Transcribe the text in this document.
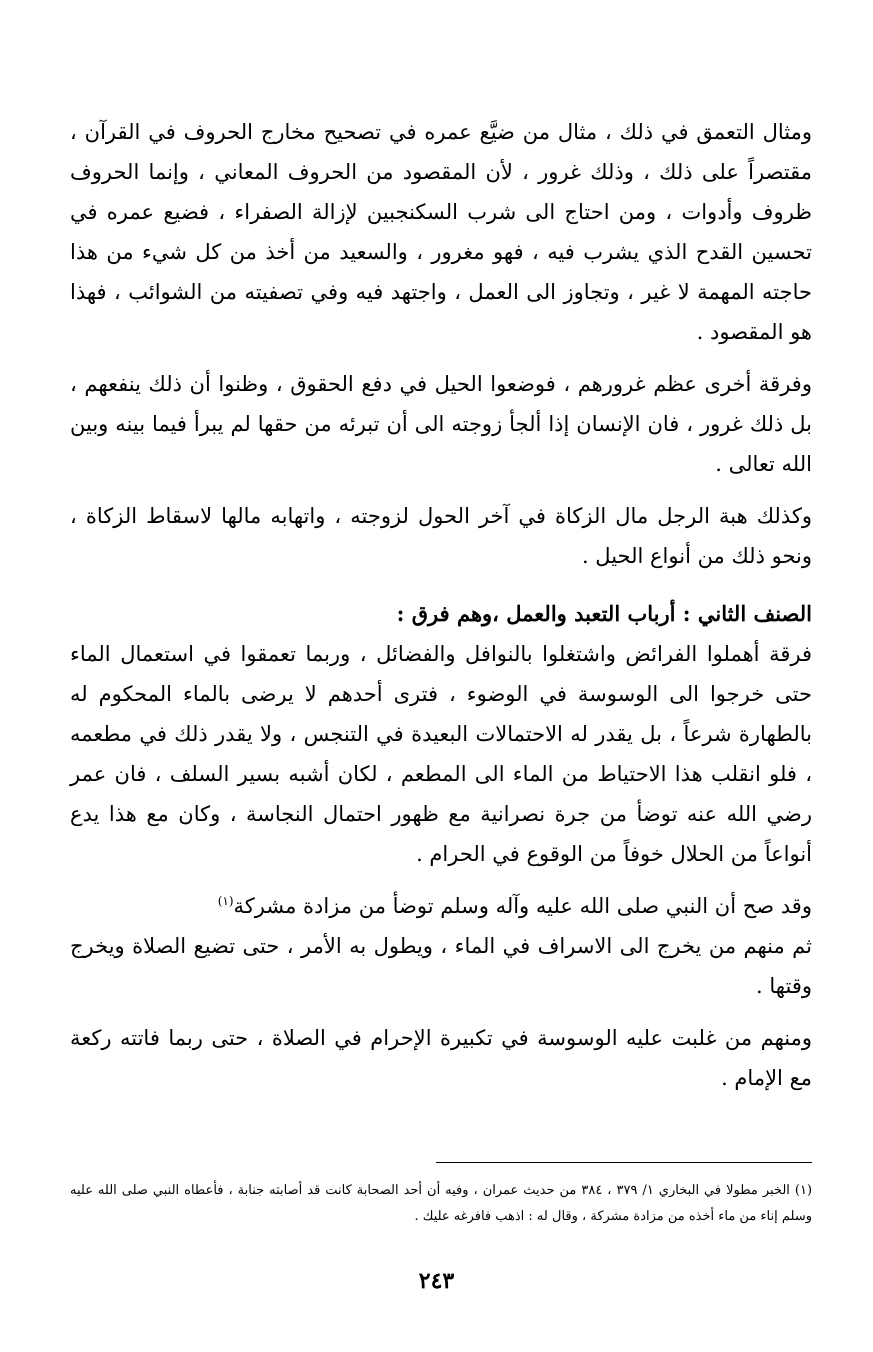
ومثال التعمق في ذلك ، مثال من ضيَّع عمره في تصحيح مخارج الحروف في القرآن ، مقتصراً على ذلك ، وذلك غرور ، لأن المقصود من الحروف المعاني ، وإنما الحروف ظروف وأدوات ، ومن احتاج الى شرب السكنجبين لإزالة الصفراء ، فضيع عمره في تحسين القدح الذي يشرب فيه ، فهو مغرور ، والسعيد من أخذ من كل شيء من هذا حاجته المهمة لا غير ، وتجاوز الى العمل ، واجتهد فيه وفي تصفيته من الشوائب ، فهذا هو المقصود .

وفرقة أخرى عظم غرورهم ، فوضعوا الحيل في دفع الحقوق ، وظنوا أن ذلك ينفعهم ، بل ذلك غرور ، فان الإنسان إذا ألجأ زوجته الى أن تبرئه من حقها لم يبرأ فيما بينه وبين الله تعالى .

وكذلك هبة الرجل مال الزكاة في آخر الحول لزوجته ، واتهابه مالها لاسقاط الزكاة ، ونحو ذلك من أنواع الحيل .

الصنف الثاني : أرباب التعبد والعمل ،وهم فرق :

فرقة أهملوا الفرائض واشتغلوا بالنوافل والفضائل ، وربما تعمقوا في استعمال الماء حتى خرجوا الى الوسوسة في الوضوء ، فترى أحدهم لا يرضى بالماء المحكوم له بالطهارة شرعاً ، بل يقدر له الاحتمالات البعيدة في التنجس ، ولا يقدر ذلك في مطعمه ، فلو انقلب هذا الاحتياط من الماء الى المطعم ، لكان أشبه بسير السلف ، فان عمر رضي الله عنه توضأ من جرة نصرانية مع ظهور احتمال النجاسة ، وكان مع هذا يدع أنواعاً من الحلال خوفاً من الوقوع في الحرام .

وقد صح أن النبي صلى الله عليه وآله وسلم توضأ من مزادة مشركة$^{(١)}$

ثم منهم من يخرج الى الاسراف في الماء ، ويطول به الأمر ، حتى تضيع الصلاة ويخرج وقتها .

ومنهم من غلبت عليه الوسوسة في تكبيرة الإحرام في الصلاة ، حتى ربما فاتته ركعة مع الإمام .

(١) الخبر مطولا في البخاري ١/ ٣٧٩ ، ٣٨٤ من حديث عمران ، وفيه أن أحد الصحابة كانت قد أصابته جنابة ، فأعطاه النبي صلى الله عليه وسلم إناء من ماء أخذه من مزادة مشركة ، وقال له : اذهب فافرغه عليك .

٢٤٣
